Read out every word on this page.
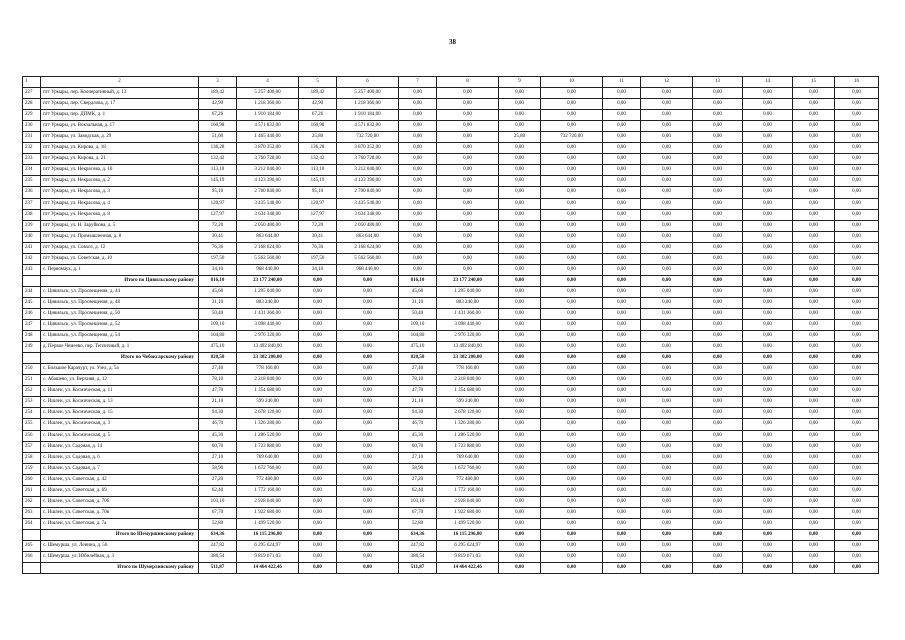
38
1	2	3	4	5	6	7	8	9	10	11	12	13	14	15	16
227	пгт Урмары, пер. Кооперативный, д. 13	189,42	5 257 400,00	189,42	5 257 400,00	0,00	0,00	0,00	0,00	0,00	0,00	0,00	0,00	0,00	0,00
228	пгт Урмары, пер. Свердлова, д. 17	42,90	1 218 360,00	42,90	1 218 360,00	0,00	0,00	0,00	0,00	0,00	0,00	0,00	0,00	0,00	0,00
229	пгт Урмары, пер. ДПМК, д. 1	67,26	1 910 184,00	67,26	1 910 184,00	0,00	0,00	0,00	0,00	0,00	0,00	0,00	0,00	0,00	0,00
230	пгт Урмары, ул. Вокзальная, д. 17	160,98	4 571 832,00	160,98	4 571 832,00	0,00	0,00	0,00	0,00	0,00	0,00	0,00	0,00	0,00	0,00
231	пгт Урмары, ул. Заводская, д. 29	51,60	1 465 440,00	25,80	732 720,00	0,00	0,00	25,80	732 720,00	0,00	0,00	0,00	0,00	0,00	0,00
232	пгт Урмары, ул. Кирова, д. 18	136,28	3 870 352,00	136,28	3 870 352,00	0,00	0,00	0,00	0,00	0,00	0,00	0,00	0,00	0,00	0,00
233	пгт Урмары, ул. Кирова, д. 21	132,42	3 760 728,00	132,42	3 760 728,00	0,00	0,00	0,00	0,00	0,00	0,00	0,00	0,00	0,00	0,00
234	пгт Урмары, ул. Некрасова, д. 10	113,10	3 212 040,00	113,10	3 212 040,00	0,00	0,00	0,00	0,00	0,00	0,00	0,00	0,00	0,00	0,00
235	пгт Урмары, ул. Некрасова, д. 2	145,19	4 123 396,00	145,19	4 123 396,00	0,00	0,00	0,00	0,00	0,00	0,00	0,00	0,00	0,00	0,00
236	пгт Урмары, ул. Некрасова, д. 3	95,10	2 700 840,00	95,10	2 700 840,00	0,00	0,00	0,00	0,00	0,00	0,00	0,00	0,00	0,00	0,00
237	пгт Урмары, ул. Некрасова, д. 4	120,97	3 435 548,00	120,97	3 435 548,00	0,00	0,00	0,00	0,00	0,00	0,00	0,00	0,00	0,00	0,00
238	пгт Урмары, ул. Некрасова, д. 8	127,97	3 634 348,00	127,97	3 634 348,00	0,00	0,00	0,00	0,00	0,00	0,00	0,00	0,00	0,00	0,00
239	пгт Урмары, ул. Н. Заруйкова, д. 5	72,20	2 050 480,00	72,20	2 050 480,00	0,00	0,00	0,00	0,00	0,00	0,00	0,00	0,00	0,00	0,00
240	пгт Урмары, ул. Промышленная, д. 8	30,41	863 644,00	30,41	863 644,00	0,00	0,00	0,00	0,00	0,00	0,00	0,00	0,00	0,00	0,00
241	пгт Урмары, ул. Совхоз, д. 12	76,36	2 168 624,00	76,36	2 168 624,00	0,00	0,00	0,00	0,00	0,00	0,00	0,00	0,00	0,00	0,00
242	пгт Урмары, ул. Советская, д. 10	197,50	5 562 560,00	197,50	5 562 560,00	0,00	0,00	0,00	0,00	0,00	0,00	0,00	0,00	0,00	0,00
243	с. Первомаук, д. 1	34,10	968 440,00	34,10	968 440,00	0,00	0,00	0,00	0,00	0,00	0,00	0,00	0,00	0,00	0,00
	Итого по Цивильскому району	816,10	23 177 240,00	0,00	0,00	816,10	23 177 240,00	0,00	0,00	0,00	0,00	0,00	0,00	0,00	0,00
244	с. Цивильск, ул. Просвещения, д. 44	45,60	1 295 040,00	0,00	0,00	45,60	1 295 040,00	0,00	0,00	0,00	0,00	0,00	0,00	0,00	0,00
245	с. Цивильск, ул. Просвещения, д. 48	31,10	883 240,00	0,00	0,00	31,10	883 240,00	0,00	0,00	0,00	0,00	0,00	0,00	0,00	0,00
246	с. Цивильск, ул. Просвещения, д. 50	50,40	1 431 360,00	0,00	0,00	50,40	1 431 360,00	0,00	0,00	0,00	0,00	0,00	0,00	0,00	0,00
247	с. Цивильск, ул. Просвещения, д. 52	109,10	3 098 440,00	0,00	0,00	109,10	3 098 440,00	0,00	0,00	0,00	0,00	0,00	0,00	0,00	0,00
248	с. Цивильск, ул. Просвещения, д. 54	104,80	2 976 320,00	0,00	0,00	104,80	2 976 320,00	0,00	0,00	0,00	0,00	0,00	0,00	0,00	0,00
249	д. Первое Чемеево, пер. Тепличный, д. 1	475,10	13 492 840,00	0,00	0,00	475,10	13 492 840,00	0,00	0,00	0,00	0,00	0,00	0,00	0,00	0,00
	Итого по Чебоксарскому району	820,50	23 302 200,00	0,00	0,00	820,50	23 302 200,00	0,00	0,00	0,00	0,00	0,00	0,00	0,00	0,00
250	с. Большое Карачурт, ул. Узел, д. 5а	27,40	778 160,00	0,00	0,00	27,40	778 160,00	0,00	0,00	0,00	0,00	0,00	0,00	0,00	0,00
251	с. Абашево, ул. Верхняя, д. 12	78,10	2 218 040,00	0,00	0,00	78,10	2 218 040,00	0,00	0,00	0,00	0,00	0,00	0,00	0,00	0,00
252	с. Ишлеи, ул. Космическая, д. 11	47,70	1 354 680,00	0,00	0,00	47,70	1 354 680,00	0,00	0,00	0,00	0,00	0,00	0,00	0,00	0,00
253	с. Ишлеи, ул. Космическая, д. 13	21,10	599 240,00	0,00	0,00	21,10	599 240,00	0,00	0,00	0,00	0,00	0,00	0,00	0,00	0,00
254	с. Ишлеи, ул. Космическая, д. 15	94,30	2 678 120,00	0,00	0,00	94,30	2 678 120,00	0,00	0,00	0,00	0,00	0,00	0,00	0,00	0,00
255	с. Ишлеи, ул. Космическая, д. 3	46,70	1 326 280,00	0,00	0,00	46,70	1 326 280,00	0,00	0,00	0,00	0,00	0,00	0,00	0,00	0,00
256	с. Ишлеи, ул. Космическая, д. 5	45,30	1 286 520,00	0,00	0,00	45,30	1 286 520,00	0,00	0,00	0,00	0,00	0,00	0,00	0,00	0,00
257	с. Ишлеи, ул. Садовая, д. 14	60,70	1 723 880,00	0,00	0,00	60,70	1 723 880,00	0,00	0,00	0,00	0,00	0,00	0,00	0,00	0,00
258	с. Ишлеи, ул. Садовая, д. 6	27,10	769 640,00	0,00	0,00	27,10	769 640,00	0,00	0,00	0,00	0,00	0,00	0,00	0,00	0,00
259	с. Ишлеи, ул. Садовая, д. 7	58,90	1 672 760,00	0,00	0,00	58,90	1 672 760,00	0,00	0,00	0,00	0,00	0,00	0,00	0,00	0,00
260	с. Ишлеи, ул. Советская, д. 42	27,20	772 480,00	0,00	0,00	27,20	772 480,00	0,00	0,00	0,00	0,00	0,00	0,00	0,00	0,00
261	с. Ишлеи, ул. Советская, д. 69	62,40	1 772 160,00	0,00	0,00	62,40	1 772 160,00	0,00	0,00	0,00	0,00	0,00	0,00	0,00	0,00
262	с. Ишлеи, ул. Советская, д. 70б	103,10	2 928 040,00	0,00	0,00	103,10	2 928 040,00	0,00	0,00	0,00	0,00	0,00	0,00	0,00	0,00
263	с. Ишлеи, ул. Советская, д. 70в	67,70	1 922 680,00	0,00	0,00	67,70	1 922 680,00	0,00	0,00	0,00	0,00	0,00	0,00	0,00	0,00
264	с. Ишлеи, ул. Советская, д. 7а	52,80	1 499 520,00	0,00	0,00	52,80	1 499 520,00	0,00	0,00	0,00	0,00	0,00	0,00	0,00	0,00
	Итого по Шемуршинскому району	634,36	16 115 296,00	0,00	0,00	634,36	16 115 296,00	0,00	0,00	0,00	0,00	0,00	0,00	0,00	0,00
265	с. Шемурша, ул. Ленина, д. 56	247,82	6 295 624,97	0,00	0,00	247,82	6 295 624,97	0,00	0,00	0,00	0,00	0,00	0,00	0,00	0,00
266	с. Шемурша, ул. Юбилейная, д. 3	386,54	9 819 671,03	0,00	0,00	386,54	9 819 671,03	0,00	0,00	0,00	0,00	0,00	0,00	0,00	0,00
	Итого по Шумерлинскому району	511,87	14 464 422,46	0,00	0,00	511,87	14 464 422,46	0,00	0,00	0,00	0,00	0,00	0,00	0,00	0,00
